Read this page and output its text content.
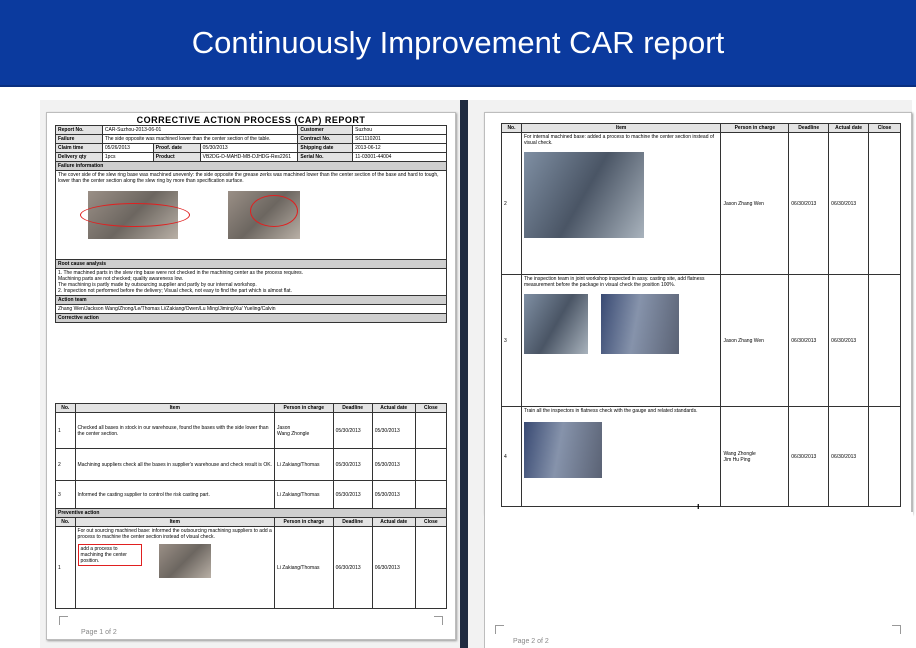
Continuously Improvement CAR report
CORRECTIVE ACTION PROCESS (CAP) REPORT
Report No.	CAR-Suzhou-2013-06-01			Customer	Suzhou
Failure	The side opposite was machined lower than the center section of the table.			Contract No.	SC1110201
Claim time	05/26/2013	Proof. date	05/30/2013	Shipping date	2013-06-12
Delivery qty	1pcs	Product	VB2DG-D-MAHD-MB-DJHDG-Res2261	Serial No.	11-03001-44004
Failure information					

The cover side of the slew ring base was machined unevenly: the side opposite the grease zerks was machined lower than the center section of the base and hard to tough, lower than the center section along the slew ring by more than specification surface.					

Root cause analysis					

1. The machined parts in the slew ring base were not checked in the machining center as the process requires.
Machining parts are not checked; quality awareness low.
The machining is partly made by outsourcing supplier and partly by our internal workshop.
2. Inspection not performed before the delivery; Visual check, not easy to find the part which is almost flat.					

Action team					
Zhang Wen/Jackson Wang/Zhong/Le/Thomas Li/Zakiang/Owen/Lu Ming/Jiming/Xu/ Yueling/Calvin					
Corrective action					
No.	Item	Person in charge	Deadline	Actual date	Close
1	Checked all bases in stock in our warehouse, found the bases with the side lower than the center section.	Jason
Wang Zhongle	05/30/2013	05/30/2013	
2	Machining suppliers check all the bases in supplier's warehouse and check result is OK.	Li Zakiang/Thomas	05/30/2013	05/30/2013	
3	Informed the casting supplier to control the risk casting part.	Li Zakiang/Thomas	05/30/2013	05/30/2013	
Preventive action					
No.	Item	Person in charge	Deadline	Actual date	Close
1	For out sourcing machined base: informed the outsourcing machining suppliers to add a process to machine the center section instead of visual check.
add a process to machining the center position.	Li Zakiang/Thomas	06/30/2013	06/30/2013	
Page 1 of 2
No.	Item	Person in charge	Deadline	Actual date	Close
2	For internal machined base: added a process to machine the center section instead of visual check.	Jason Zhang Wen	06/30/2013	06/30/2013	
3	The inspection team in joint workshop inspected in assy. casting site, add flatness measurement before the package in visual check the position 100%.	Jason Zhang Wen	06/30/2013	06/30/2013	
4	Train all the inspectors in flatness check with the gauge and related standards.	Wang Zhongle
Jim Hu Ping	06/30/2013	06/30/2013	
ı
Page 2 of 2
